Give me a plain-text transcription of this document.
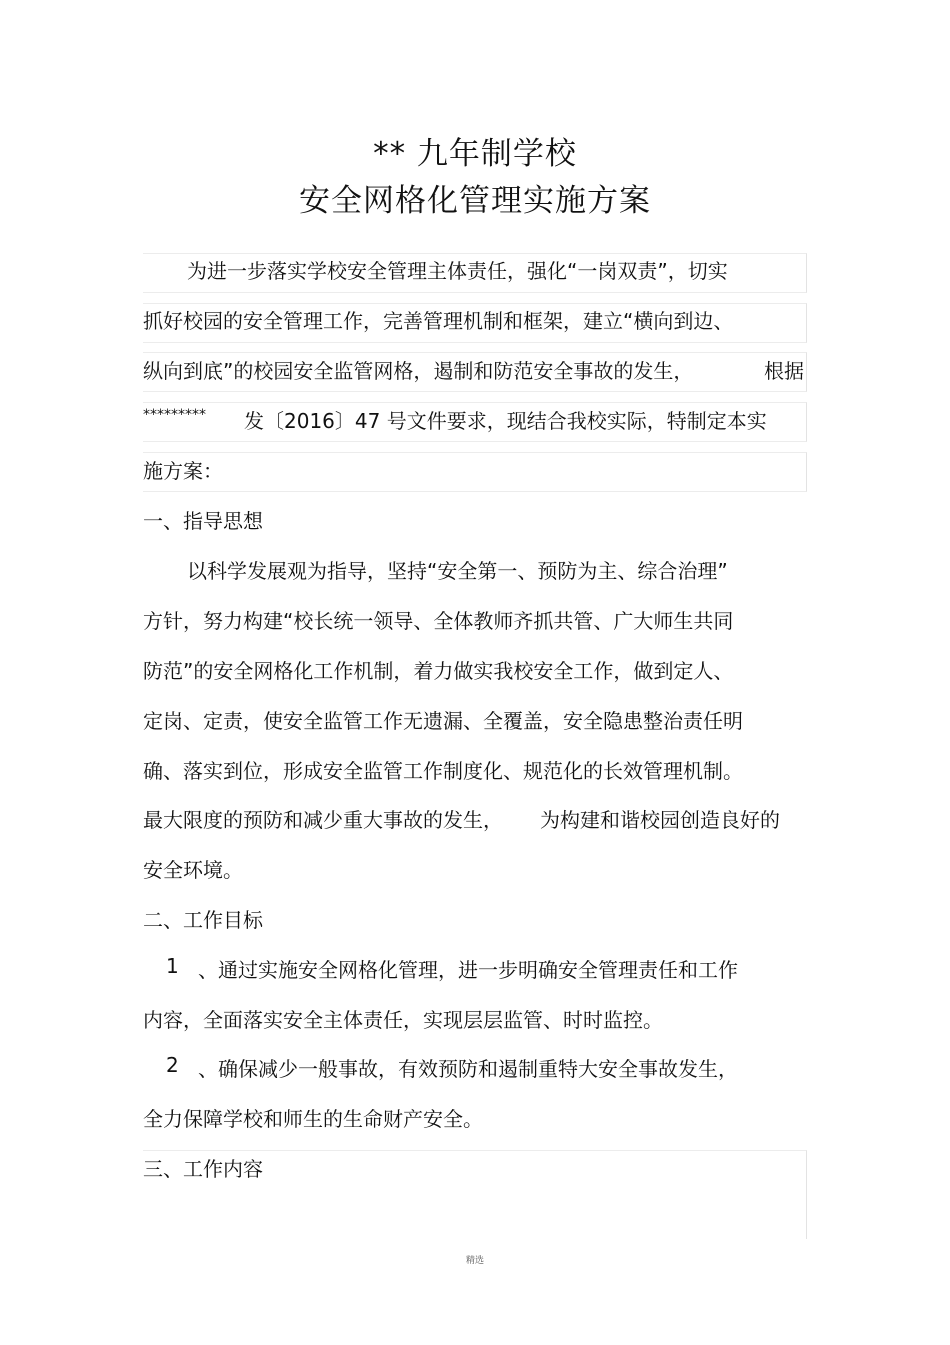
** 九年制学校
安全网格化管理实施方案
为进一步落实学校安全管理主体责任，强化“一岗双责”，切实
抓好校园的安全管理工作，完善管理机制和框架，建立“横向到边、
纵向到底”的校园安全监管网格，遏制和防范安全事故的发生，	根据
********* 发〔2016〕47 号文件要求，现结合我校实际，特制定本实
施方案：
一、指导思想
以科学发展观为指导，坚持“安全第一、预防为主、综合治理”
方针，努力构建“校长统一领导、全体教师齐抓共管、广大师生共同
防范”的安全网格化工作机制，着力做实我校安全工作，做到定人、
定岗、定责，使安全监管工作无遗漏、全覆盖，安全隐患整治责任明
确、落实到位，形成安全监管工作制度化、规范化的长效管理机制。
最大限度的预防和减少重大事故的发生， 为构建和谐校园创造良好的
安全环境。
二、工作目标
1 、通过实施安全网格化管理，进一步明确安全管理责任和工作
内容，全面落实安全主体责任，实现层层监管、时时监控。
2 、确保减少一般事故，有效预防和遏制重特大安全事故发生，
全力保障学校和师生的生命财产安全。
三、工作内容
精选
